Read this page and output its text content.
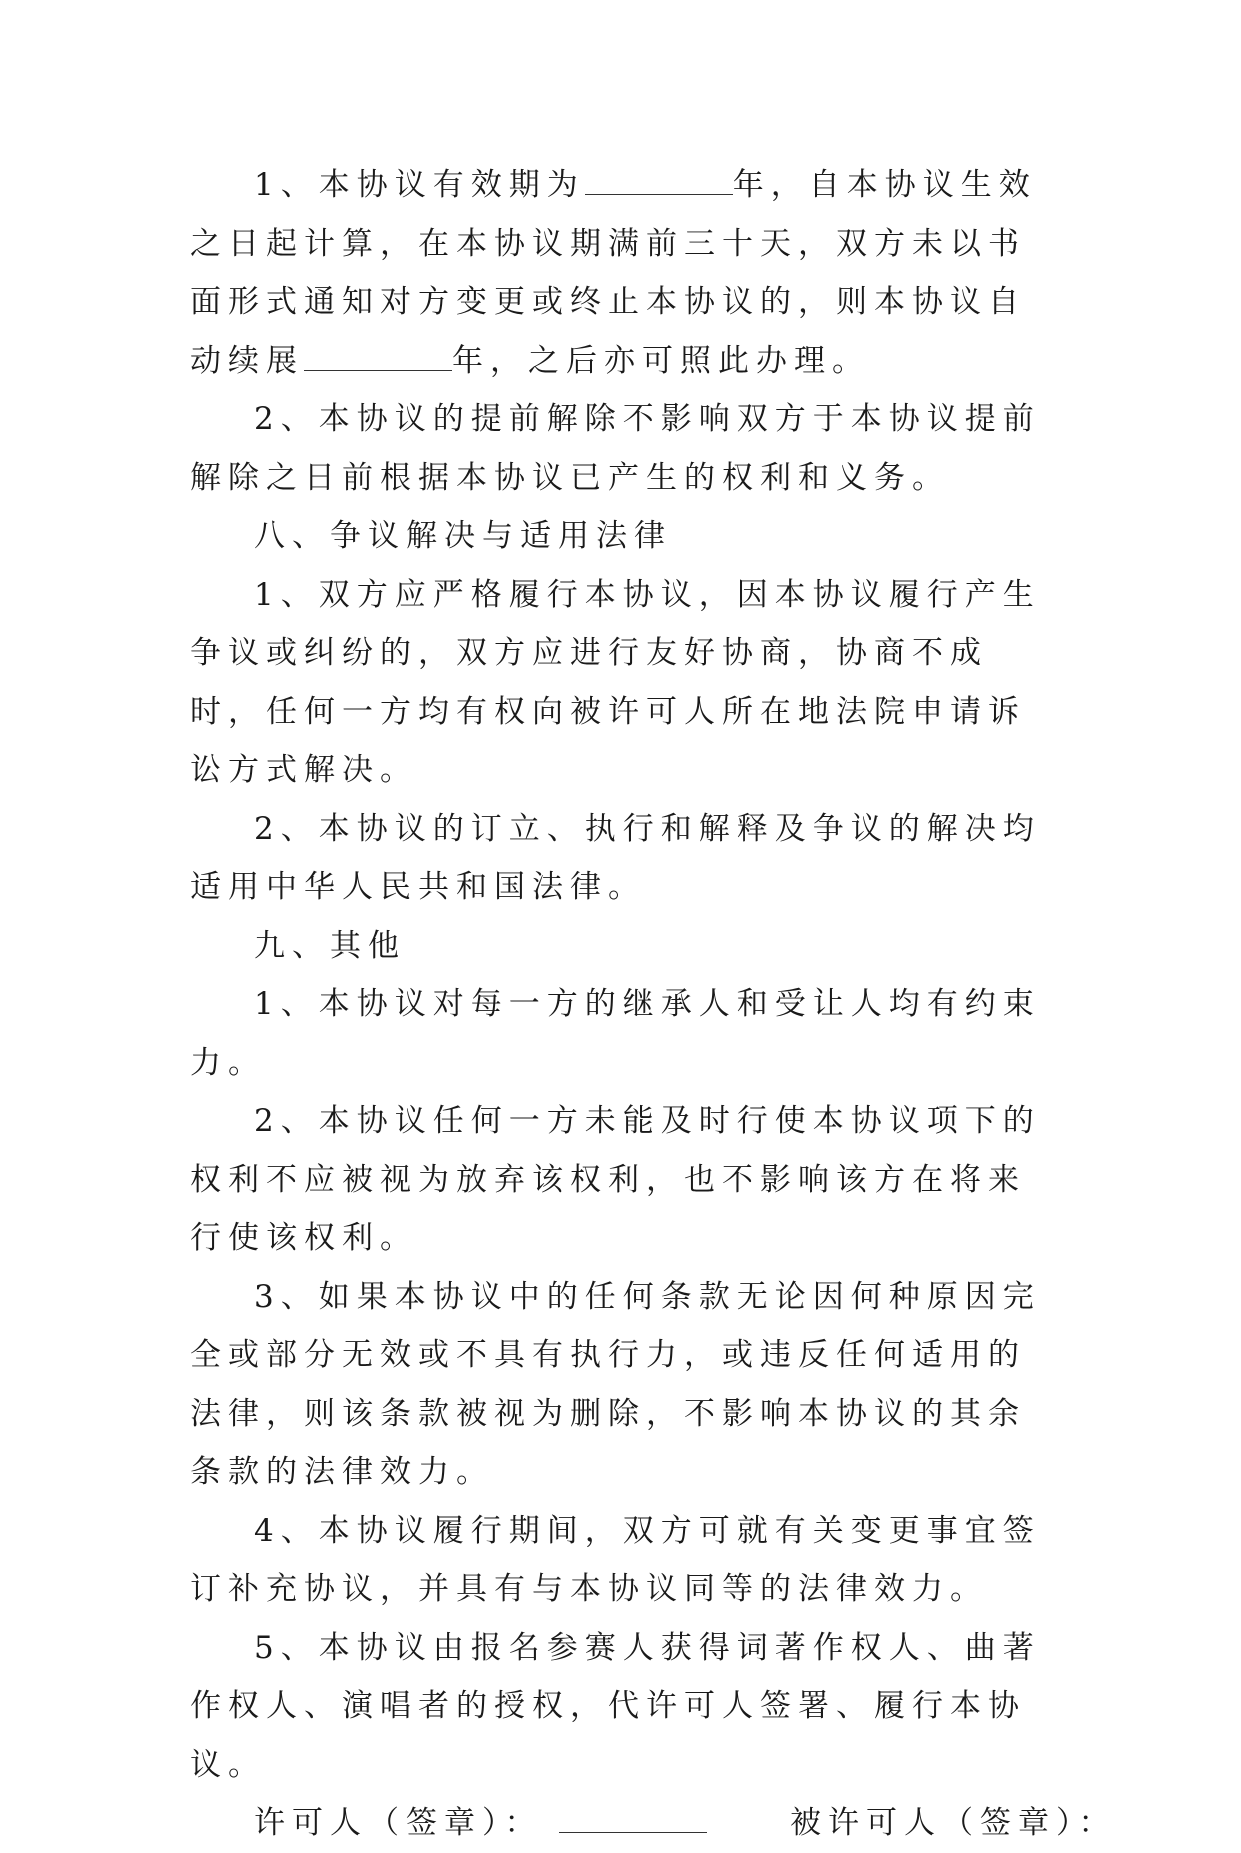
1、本协议有效期为	年，自本协议生效之日起计算，在本协议期满前三十天，双方未以书面形式通知对方变更或终止本协议的，则本协议自动续展	年，之后亦可照此办理。

2、本协议的提前解除不影响双方于本协议提前解除之日前根据本协议已产生的权利和义务。

八、争议解决与适用法律

1、双方应严格履行本协议，因本协议履行产生争议或纠纷的，双方应进行友好协商，协商不成时，任何一方均有权向被许可人所在地法院申请诉讼方式解决。

2、本协议的订立、执行和解释及争议的解决均适用中华人民共和国法律。

九、其他

1、本协议对每一方的继承人和受让人均有约束力。

2、本协议任何一方未能及时行使本协议项下的权利不应被视为放弃该权利，也不影响该方在将来行使该权利。

3、如果本协议中的任何条款无论因何种原因完全或部分无效或不具有执行力，或违反任何适用的法律，则该条款被视为删除，不影响本协议的其余条款的法律效力。

4、本协议履行期间，双方可就有关变更事宜签订补充协议，并具有与本协议同等的法律效力。

5、本协议由报名参赛人获得词著作权人、曲著作权人、演唱者的授权，代许可人签署、履行本协议。

许可人（签章）：	被许可人（签章）：
